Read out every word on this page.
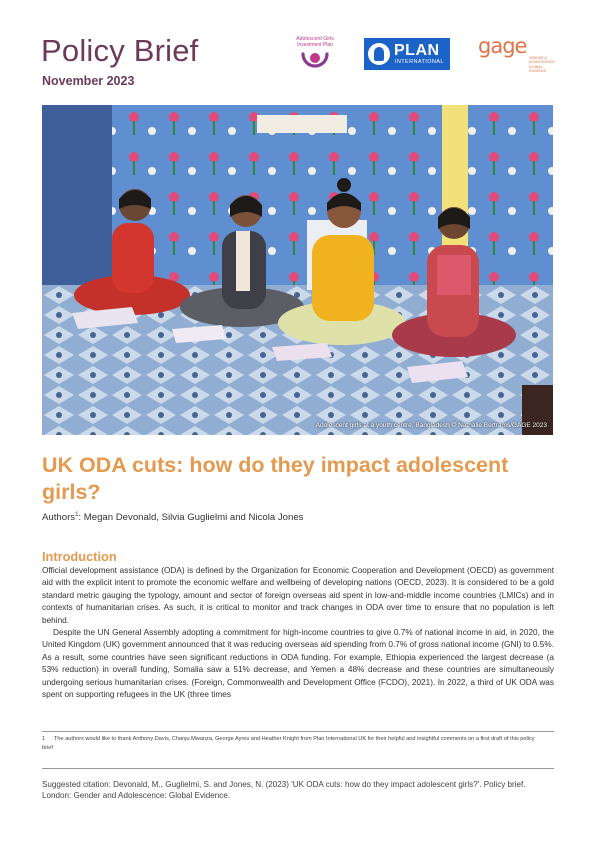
Policy Brief
November 2023
Adolescent Girls
Investment Plan	PLAN
INTERNATIONAL
gage GENDER &
ADOLESCENCE:
GLOBAL
EVIDENCE
Adolescent girls at a youth centre, Bangladesh © Nathalie Bertrams/GAGE 2023
UK ODA cuts: how do they impact adolescent girls?
Authors$^1$: Megan Devonald, Silvia Guglielmi and Nicola Jones
Introduction

Official development assistance (ODA) is defined by the Organization for Economic Cooperation and Development (OECD) as government aid with the explicit intent to promote the economic welfare and wellbeing of developing nations (OECD, 2023). It is considered to be a gold standard metric gauging the typology, amount and sector of foreign overseas aid spent in low-and-middle income countries (LMICs) and in contexts of humanitarian crises. As such, it is critical to monitor and track changes in ODA over time to ensure that no population is left behind.

Despite the UN General Assembly adopting a commitment for high-income countries to give 0.7% of national income in aid, in 2020, the United Kingdom (UK) government announced that it was reducing overseas aid spending from 0.7% of gross national income (GNI) to 0.5%. As a result, some countries have seen significant reductions in ODA funding. For example, Ethiopia experienced the largest decrease (a 53% reduction) in overall funding, Somalia saw a 51% decrease, and Yemen a 48% decrease and these countries are simultaneously undergoing serious humanitarian crises. (Foreign, Commonwealth and Development Office (FCDO), 2021). In 2022, a third of UK ODA was spent on supporting refugees in the UK (three times

1 The authors would like to thank Anthony Davis, Chanju Mwanza, George Ayres and Heather Knight from Plan International UK for their helpful and insightful comments on a first draft of this policy brief
Suggested citation: Devonald, M., Guglielmi, S. and Jones, N. (2023) 'UK ODA cuts: how do they impact adolescent girls?'. Policy brief. London: Gender and Adolescence: Global Evidence.
